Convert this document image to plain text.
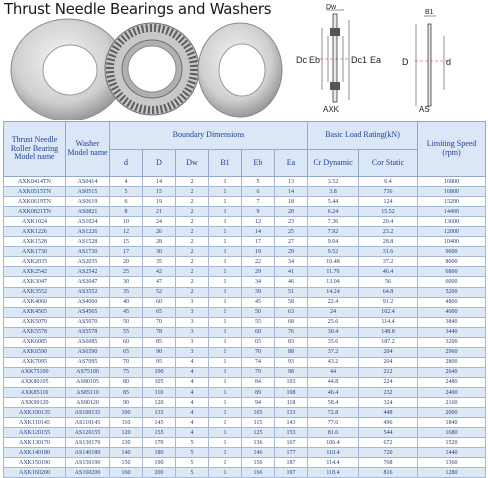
Thrust Needle Bearings and Washers	Dw
Dc Eb	Dc1 Ea
AXK
B1
D	d
AS
Thrust Needle Roller Bearing Model name	Washer Model name	Boundary Dimensions						Basic Load Rating(kN)		Limiting Speed (rpm)
		d	D	Dw	B1	Eb	Ea	Cr Dynamic	Cor Static	
AXK0414TN	AS0414	4	14	2	1	5	13	3.52	6.4	16800
AXK0515TN	AS0515	5	15	2	1	6	14	3.8	736	16800
AXK0619TN	AS0619	6	19	2	1	7	18	5.44	124	15200
AXK0821TN	AS0821	8	21	2	1	9	20	6.24	15.52	14400
AXK1024	AS1024	10	24	2	1	12	23	7.36	20.4	13600
AXK1226	AS1226	12	26	2	1	14	25	7.92	23.2	12000
AXK1528	AS1528	15	28	2	1	17	27	9.04	28.8	10400
AXK1730	AS1730	17	30	2	1	19	29	9.52	31.6	9600
AXK2035	AS2035	20	35	2	1	22	34	10.48	37.2	8000
AXK2542	AS2542	25	42	2	1	29	41	11.76	46.4	6800
AXK3047	AS3047	30	47	2	1	34	46	13.04	56	6000
AXK3552	AS3552	35	52	2	1	39	51	14.24	64.8	5200
AXK4060	AS4060	40	60	3	1	45	58	22.4	91.2	4800
AXK4565	AS4565	45	65	3	1	50	63	24	102.4	4000
AXK5070	AS5070	50	70	3	1	55	68	25.6	114.4	3840
AXK5578	AS5578	55	78	3	1	60	76	30.4	148.8	3440
AXK6085	AS6085	60	85	3	1	65	83	35.6	187.2	3200
AXK6590	AS6590	65	90	3	1	70	88	37.2	204	2960
AXK7095	AS7095	70	95	4	1	74	93	43.2	204	2800
AXK75100	AS75100	75	100	4	1	79	98	44	212	2640
AXK80105	AS80105	80	105	4	1	84	103	44.8	224	2480
AXK85110	AS85110	85	110	4	1	89	108	46.4	232	2400
AXK90120	AS90120	90	120	4	1	94	118	58.4	324	2160
AXK100135	AS100135	100	135	4	1	105	133	72.8	448	2000
AXK110145	AS110145	110	145	4	1	115	143	77.6	496	1840
AXK120155	AS120155	120	155	4	1	125	153	81.6	544	1680
AXK130170	AS130170	130	170	5	1	136	167	106.4	672	1520
AXK140180	AS140180	140	180	5	1	146	177	110.4	720	1440
AXK150190	AS150190	150	190	5	1	156	187	114.4	768	1360
AXK160200	AS160200	160	200	5	1	166	197	118.4	816	1280
